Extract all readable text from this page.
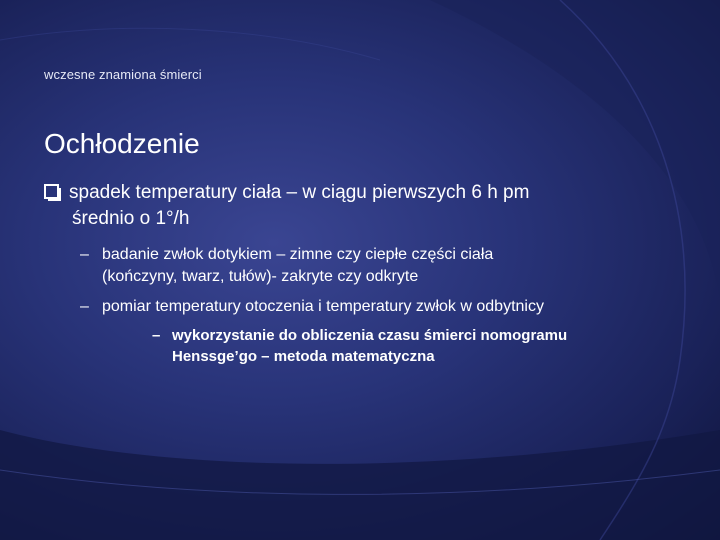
wczesne znamiona śmierci
Ochłodzenie
spadek temperatury ciała – w ciągu pierwszych 6 h pm
średnio o 1°/h
– badanie zwłok dotykiem – zimne czy ciepłe części ciała
(kończyny, twarz, tułów)- zakryte czy odkryte
– pomiar temperatury otoczenia i temperatury zwłok w odbytnicy
– wykorzystanie do obliczenia czasu śmierci nomogramu
Henssge’go – metoda matematyczna
